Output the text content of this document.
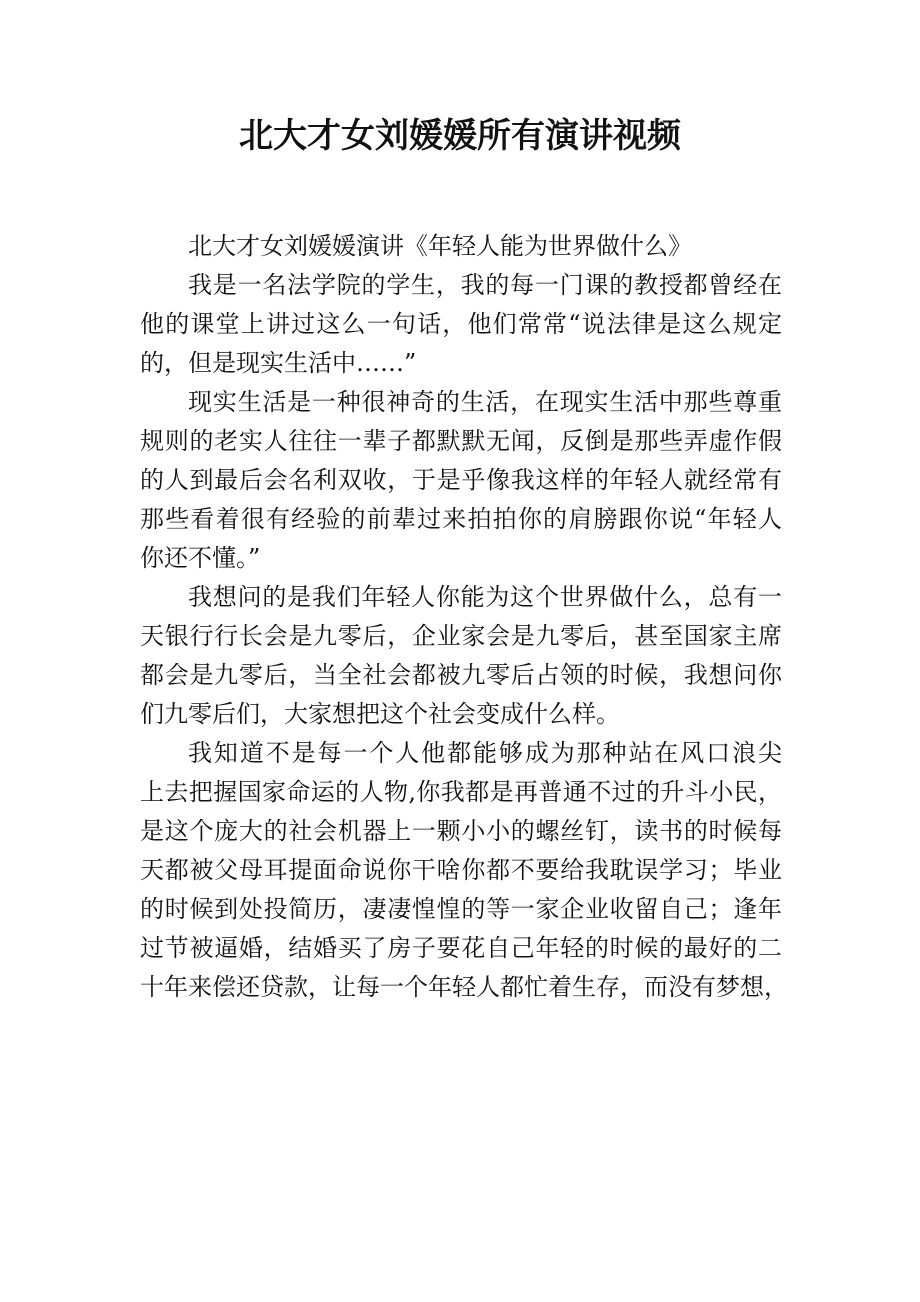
北大才女刘媛媛所有演讲视频

北大才女刘媛媛演讲《年轻人能为世界做什么》

我是一名法学院的学生，我的每一门课的教授都曾经在
他的课堂上讲过这么一句话，他们常常“说法律是这么规定
的，但是现实生活中……”

现实生活是一种很神奇的生活，在现实生活中那些尊重
规则的老实人往往一辈子都默默无闻，反倒是那些弄虚作假
的人到最后会名利双收，于是乎像我这样的年轻人就经常有
那些看着很有经验的前辈过来拍拍你的肩膀跟你说“年轻人
你还不懂。”

我想问的是我们年轻人你能为这个世界做什么，总有一
天银行行长会是九零后，企业家会是九零后，甚至国家主席
都会是九零后，当全社会都被九零后占领的时候，我想问你
们九零后们，大家想把这个社会变成什么样。

我知道不是每一个人他都能够成为那种站在风口浪尖
上去把握国家命运的人物,你我都是再普通不过的升斗小民，
是这个庞大的社会机器上一颗小小的螺丝钉，读书的时候每
天都被父母耳提面命说你干啥你都不要给我耽误学习；毕业
的时候到处投简历，凄凄惶惶的等一家企业收留自己；逢年
过节被逼婚，结婚买了房子要花自己年轻的时候的最好的二
十年来偿还贷款，让每一个年轻人都忙着生存，而没有梦想，
